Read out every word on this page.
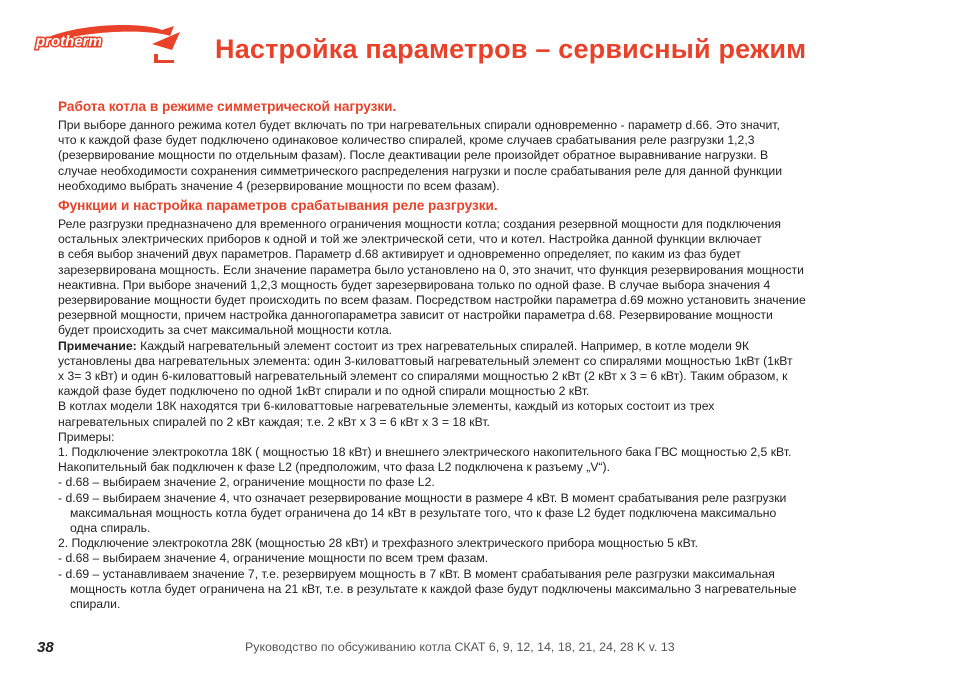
protherm	Настройка параметров – сервисный режим
Работа котла в режиме симметрической нагрузки.
При выборе данного режима котел будет включать по три нагревательных спирали одновременно - параметр d.66. Это значит,
что к каждой фазе будет подключено одинаковое количество спиралей, кроме случаев срабатывания реле разгрузки 1,2,3
(резервирование мощности по отдельным фазам). После деактивации реле произойдет обратное выравнивание нагрузки. В
случае необходимости сохранения симметрического распределения нагрузки и после срабатывания реле для данной функции
необходимо выбрать значение 4 (резервирование мощности по всем фазам).
Функции и настройка параметров срабатывания реле разгрузки.
Реле разгрузки предназначено для временного ограничения мощности котла; создания резервной мощности для подключения
остальных электрических приборов к одной и той же электрической сети, что и котел. Настройка данной функции включает
в себя выбор значений двух параметров. Параметр d.68 активирует и одновременно определяет, по каким из фаз будет
зарезервирована мощность. Если значение параметра было установлено на 0, это значит, что функция резервирования мощности
неактивна. При выборе значений 1,2,3 мощность будет зарезервирована только по одной фазе. В случае выбора значения 4
резервирование мощности будет происходить по всем фазам. Посредством настройки параметра d.69 можно установить значение
резервной мощности, причем настройка данногопараметра зависит от настройки параметра d.68. Резервирование мощности
будет происходить за счет максимальной мощности котла.
Примечание: Каждый нагревательный элемент состоит из трех нагревательных спиралей. Например, в котле модели 9К
установлены два нагревательных элемента: один 3-киловаттовый нагревательный элемент со спиралями мощностью 1кВт (1кВт
x 3= 3 кВт) и один 6-киловаттовый нагревательный элемент со спиралями мощностью 2 кВт (2 кВт x 3 = 6 кВт). Таким образом, к
каждой фазе будет подключено по одной 1кВт спирали и по одной спирали мощностью 2 кВт.
В котлах модели 18К находятся три 6-киловаттовые нагревательные элементы, каждый из которых состоит из трех
нагревательных спиралей по 2 кВт каждая; т.е. 2 кВт x 3 = 6 кВт x 3 = 18 кВт.
Примеры:
1. Подключение электрокотла 18К ( мощностью 18 кВт) и внешнего электрического накопительного бака ГВС мощностью 2,5 кВт.
Накопительный бак подключен к фазе L2 (предположим, что фаза L2 подключена к разъему „V“).
- d.68 – выбираем значение 2, ограничение мощности по фазе L2.
- d.69 – выбираем значение 4, что означает резервирование мощности в размере 4 кВт. В момент срабатывания реле разгрузки
максимальная мощность котла будет ограничена до 14 кВт в результате того, что к фазе L2 будет подключена максимально
одна спираль.
2. Подключение электрокотла 28К (мощностью 28 кВт) и трехфазного электрического прибора мощностью 5 кВт.
- d.68 – выбираем значение 4, ограничение мощности по всем трем фазам.
- d.69 – устанавливаем значение 7, т.е. резервируем мощность в 7 кВт. В момент срабатывания реле разгрузки максимальная
мощность котла будет ограничена на 21 кВт, т.е. в результате к каждой фазе будут подключены максимально 3 нагревательные
спирали.
38	Руководство по обсуживанию котла СКАТ 6, 9, 12, 14, 18, 21, 24, 28 K v. 13
